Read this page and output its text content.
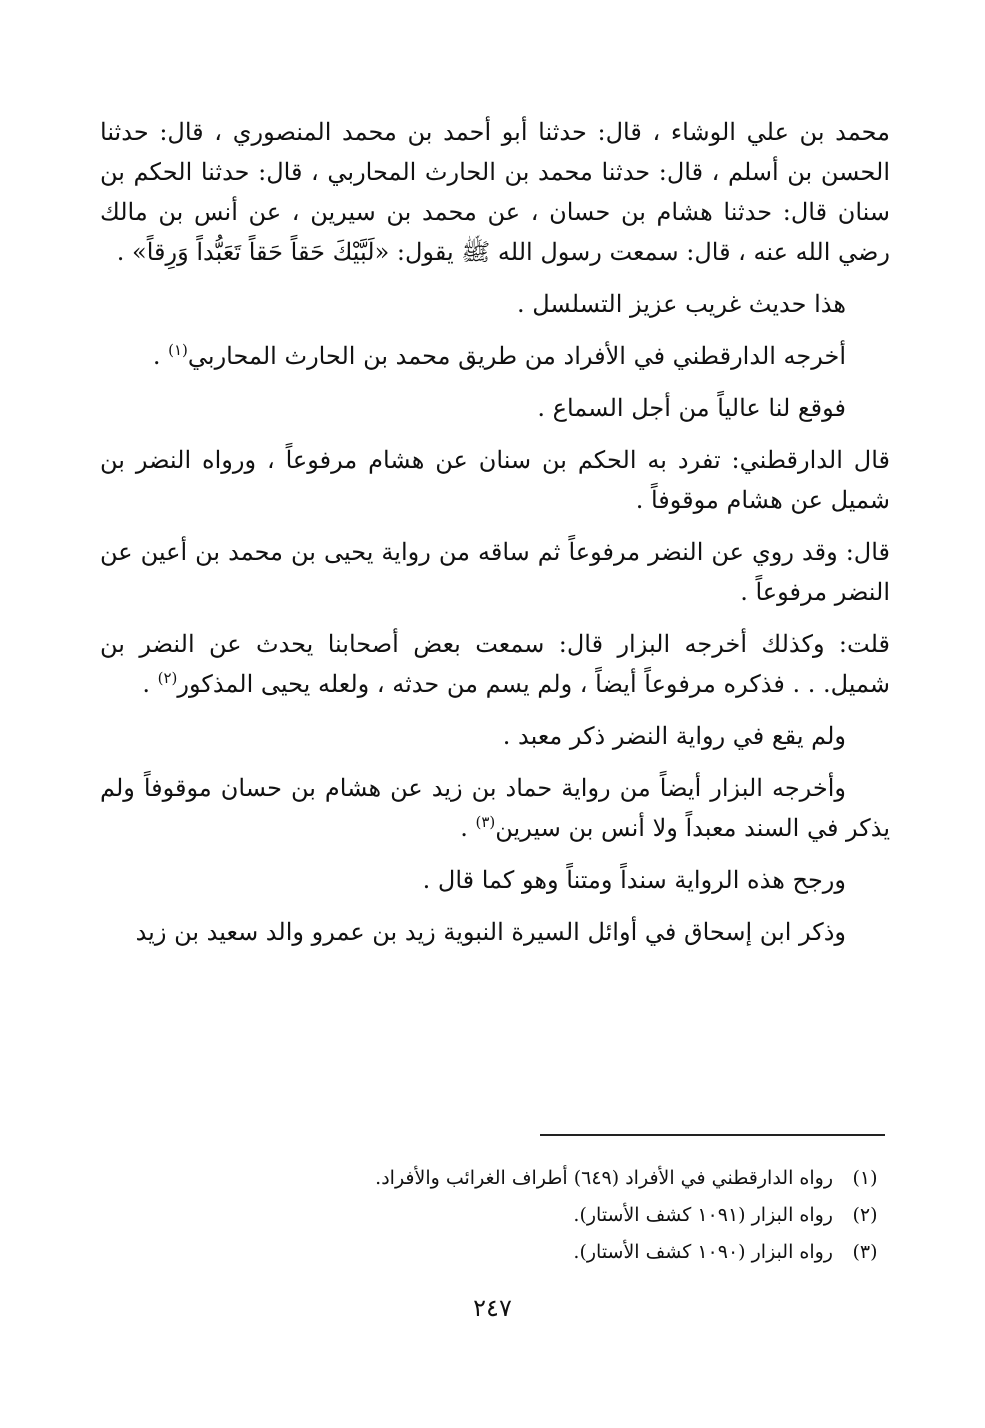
محمد بن علي الوشاء ، قال: حدثنا أبو أحمد بن محمد المنصوري ، قال: حدثنا الحسن بن أسلم ، قال: حدثنا محمد بن الحارث المحاربي ، قال: حدثنا الحكم بن سنان قال: حدثنا هشام بن حسان ، عن محمد بن سيرين ، عن أنس بن مالك رضي الله عنه ، قال: سمعت رسول الله ﷺ يقول: «لَبَّيْكَ حَقاً حَقاً تَعَبُّداً وَرِقاً» .

هذا حديث غريب عزيز التسلسل .

أخرجه الدارقطني في الأفراد من طريق محمد بن الحارث المحاربي$^{(١)}$ .

فوقع لنا عالياً من أجل السماع .

قال الدارقطني: تفرد به الحكم بن سنان عن هشام مرفوعاً ، ورواه النضر بن شميل عن هشام موقوفاً .

قال: وقد روي عن النضر مرفوعاً ثم ساقه من رواية يحيى بن محمد بن أعين عن النضر مرفوعاً .

قلت: وكذلك أخرجه البزار قال: سمعت بعض أصحابنا يحدث عن النضر بن شميل. . . فذكره مرفوعاً أيضاً ، ولم يسم من حدثه ، ولعله يحيى المذكور$^{(٢)}$ .

ولم يقع في رواية النضر ذكر معبد .

وأخرجه البزار أيضاً من رواية حماد بن زيد عن هشام بن حسان موقوفاً ولم يذكر في السند معبداً ولا أنس بن سيرين$^{(٣)}$ .

ورجح هذه الرواية سنداً ومتناً وهو كما قال .

وذكر ابن إسحاق في أوائل السيرة النبوية زيد بن عمرو والد سعيد بن زيد

(١)رواه الدارقطني في الأفراد (٦٤٩) أطراف الغرائب والأفراد.

(٢)رواه البزار (١٠٩١ كشف الأستار).

(٣)رواه البزار (١٠٩٠ كشف الأستار).

٢٤٧
